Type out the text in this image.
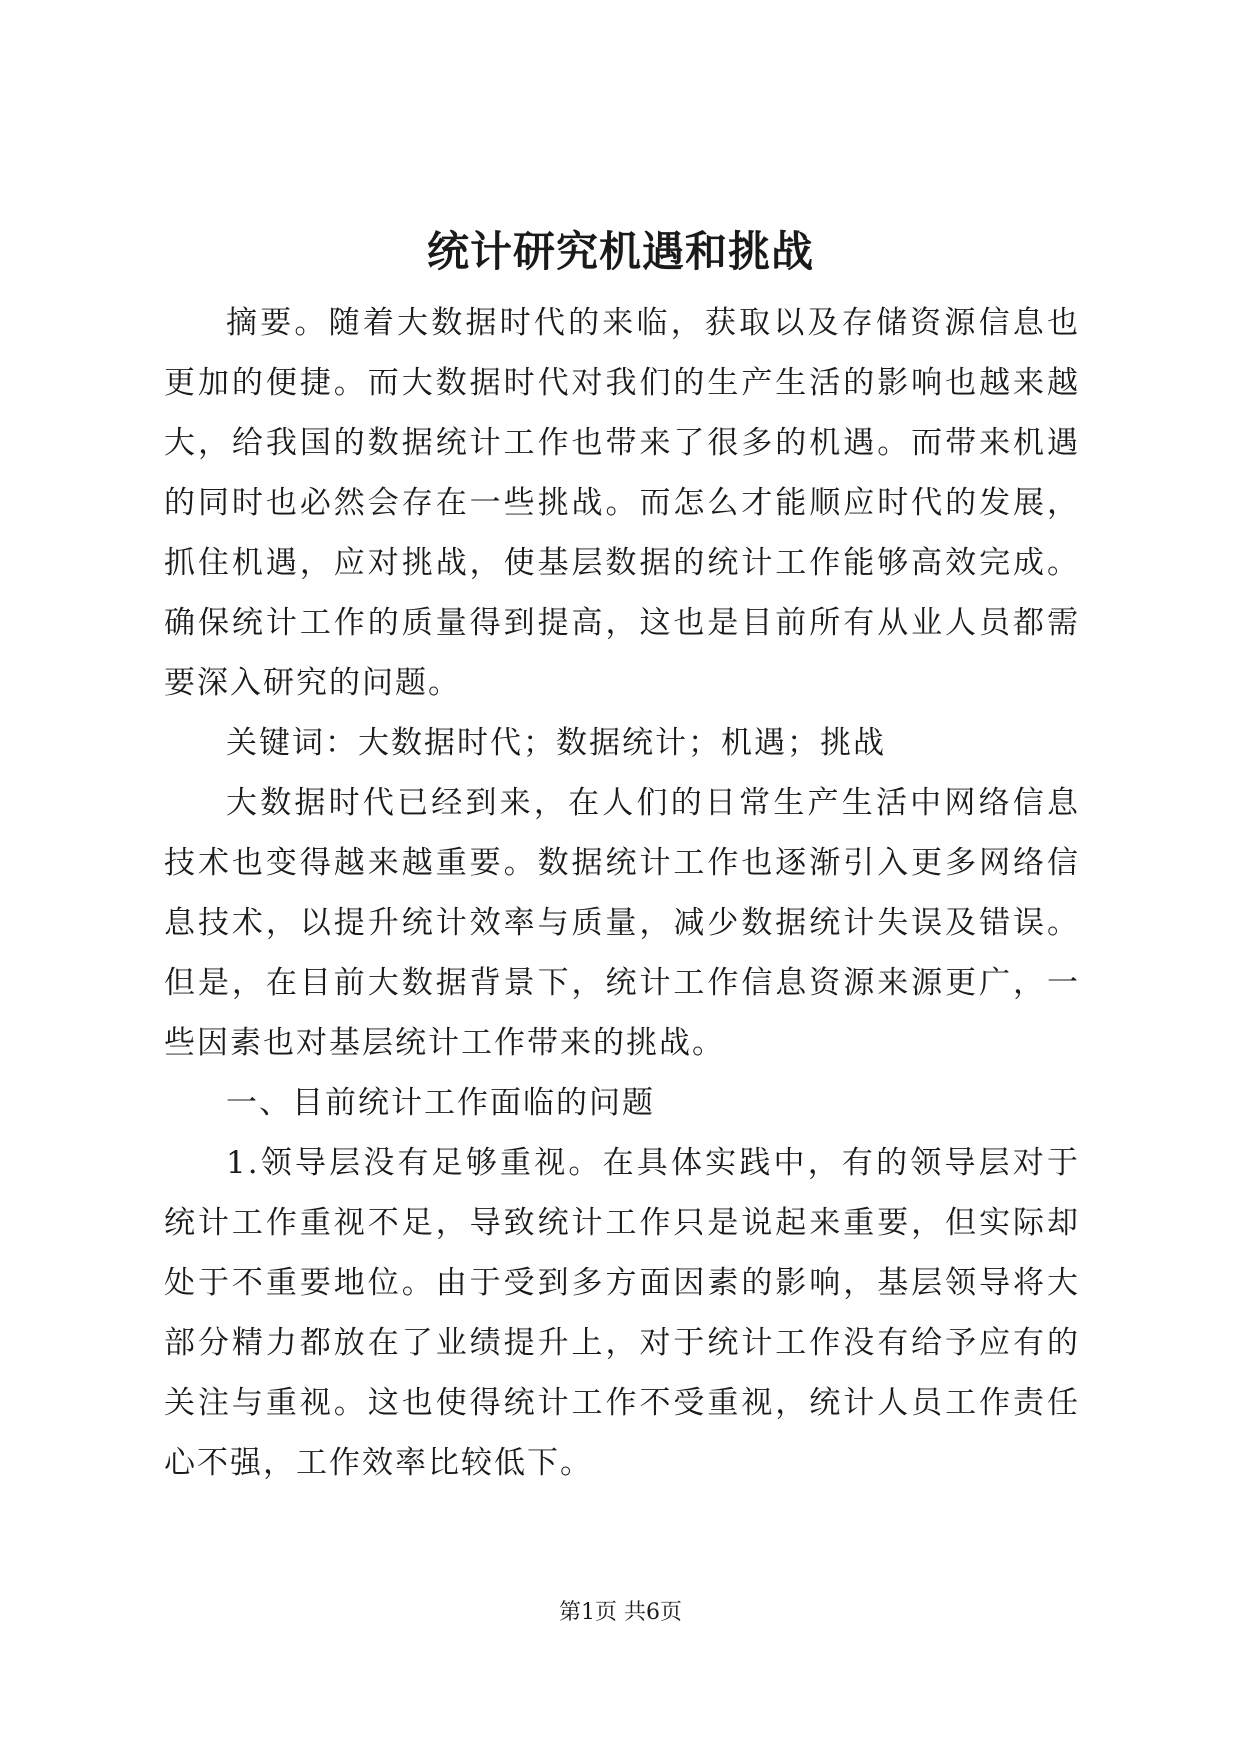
统计研究机遇和挑战

摘要。随着大数据时代的来临，获取以及存储资源信息也更加的便捷。而大数据时代对我们的生产生活的影响也越来越大，给我国的数据统计工作也带来了很多的机遇。而带来机遇的同时也必然会存在一些挑战。而怎么才能顺应时代的发展，抓住机遇，应对挑战，使基层数据的统计工作能够高效完成。确保统计工作的质量得到提高，这也是目前所有从业人员都需要深入研究的问题。

关键词：大数据时代；数据统计；机遇；挑战

大数据时代已经到来，在人们的日常生产生活中网络信息技术也变得越来越重要。数据统计工作也逐渐引入更多网络信息技术，以提升统计效率与质量，减少数据统计失误及错误。但是，在目前大数据背景下，统计工作信息资源来源更广，一些因素也对基层统计工作带来的挑战。

一、目前统计工作面临的问题

1.领导层没有足够重视。在具体实践中，有的领导层对于统计工作重视不足，导致统计工作只是说起来重要，但实际却处于不重要地位。由于受到多方面因素的影响，基层领导将大部分精力都放在了业绩提升上，对于统计工作没有给予应有的关注与重视。这也使得统计工作不受重视，统计人员工作责任心不强，工作效率比较低下。

第1页 共6页
